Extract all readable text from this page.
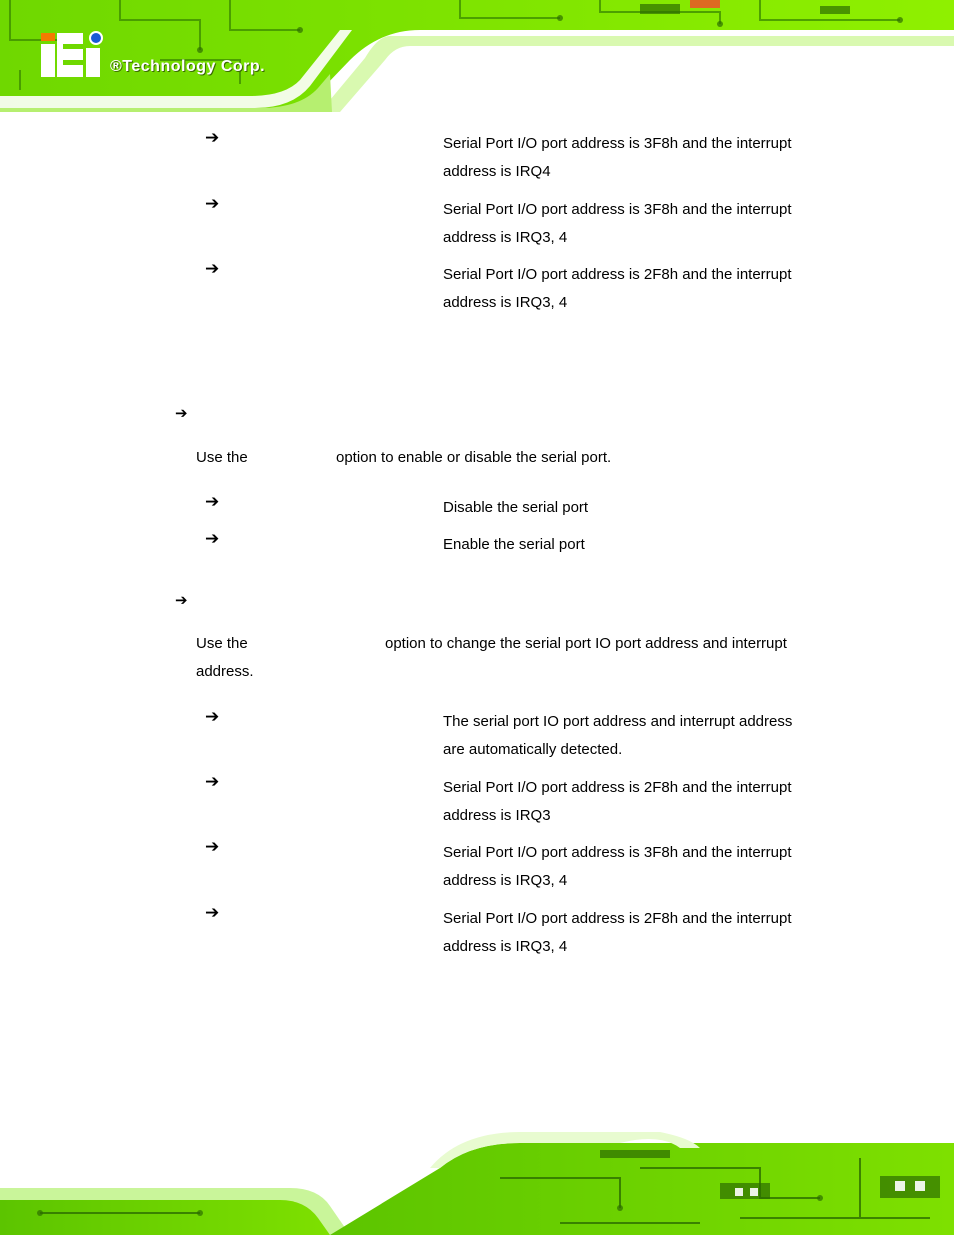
®Technology Corp.
➔	Serial Port I/O port address is 3F8h and the interrupt
address is IRQ4
➔	Serial Port I/O port address is 3F8h and the interrupt
address is IRQ3, 4
➔	Serial Port I/O port address is 2F8h and the interrupt
address is IRQ3, 4
➔
Use the	option to enable or disable the serial port.
➔	Disable the serial port
➔	Enable the serial port
➔
Use the	option to change the serial port IO port address and interrupt
address.
➔	The serial port IO port address and interrupt address
are automatically detected.
➔	Serial Port I/O port address is 2F8h and the interrupt
address is IRQ3
➔	Serial Port I/O port address is 3F8h and the interrupt
address is IRQ3, 4
➔	Serial Port I/O port address is 2F8h and the interrupt
address is IRQ3, 4
